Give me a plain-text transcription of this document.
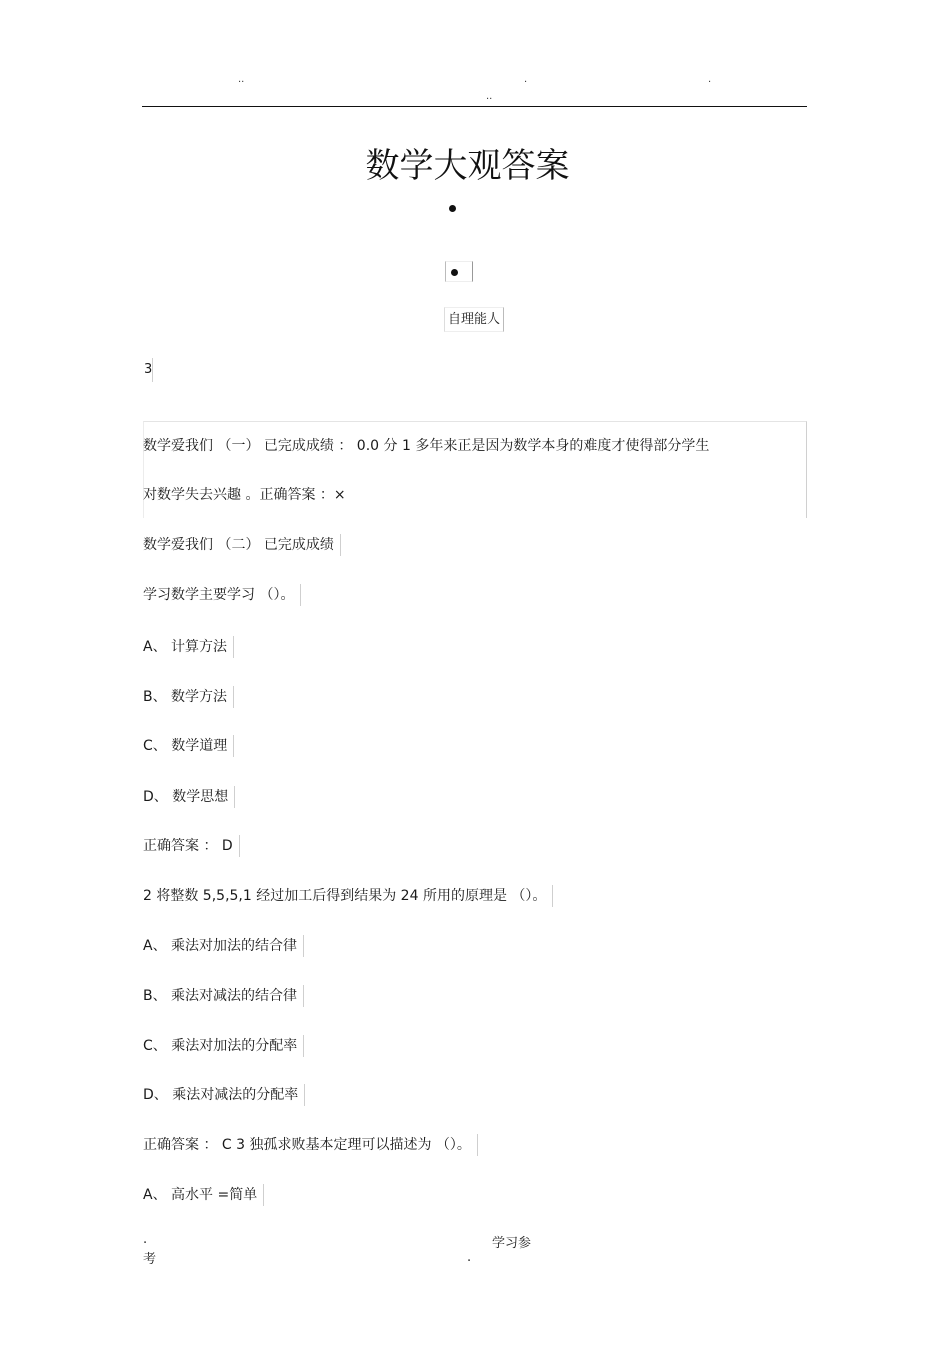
..	.	.
..
数学大观答案
自理能人
3
数学爱我们 （一） 已完成成绩 ： 0.0 分 1 多年来正是因为数学本身的难度才使得部分学生
对数学失去兴趣 。正确答案 ：×
数学爱我们 （二） 已完成成绩
学习数学主要学习 （）。
A、 计算方法
B、 数学方法
C、 数学道理
D、 数学思想
正确答案 ： D
2 将整数 5,5,5,1 经过加工后得到结果为 24 所用的原理是 （）。
A、 乘法对加法的结合律
B、 乘法对减法的结合律
C、 乘法对加法的分配率
D、 乘法对减法的分配率
正确答案 ： C 3 独孤求败基本定理可以描述为 （）。
A、 高水平 =简单
.
考
学习参
.
